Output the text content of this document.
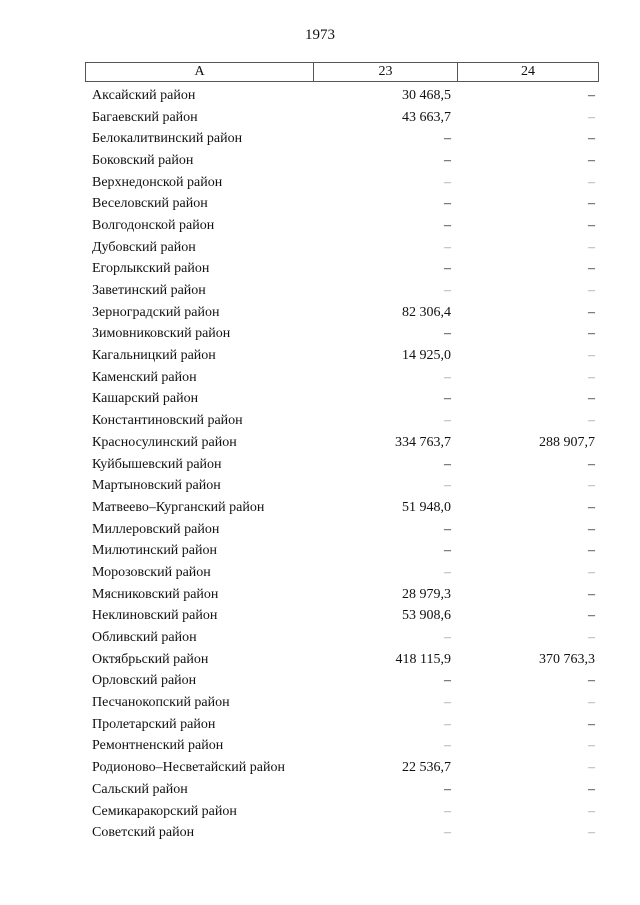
1973
A	23	24
Аксайский район	30 468,5	–
Багаевский район	43 663,7	–
Белокалитвинский район	–	–
Боковский район	–	–
Верхнедонской район	–	–
Веселовский район	–	–
Волгодонской район	–	–
Дубовский район	–	–
Егорлыкский район	–	–
Заветинский район	–	–
Зерноградский район	82 306,4	–
Зимовниковский район	–	–
Кагальницкий район	14 925,0	–
Каменский район	–	–
Кашарский район	–	–
Константиновский район	–	–
Красносулинский район	334 763,7	288 907,7
Куйбышевский район	–	–
Мартыновский район	–	–
Матвеево–Курганский район	51 948,0	–
Миллеровский район	–	–
Милютинский район	–	–
Морозовский район	–	–
Мясниковский район	28 979,3	–
Неклиновский район	53 908,6	–
Обливский район	–	–
Октябрьский район	418 115,9	370 763,3
Орловский район	–	–
Песчанокопский район	–	–
Пролетарский район	–	–
Ремонтненский район	–	–
Родионово–Несветайский район	22 536,7	–
Сальский район	–	–
Семикаракорский район	–	–
Советский район	–	–
